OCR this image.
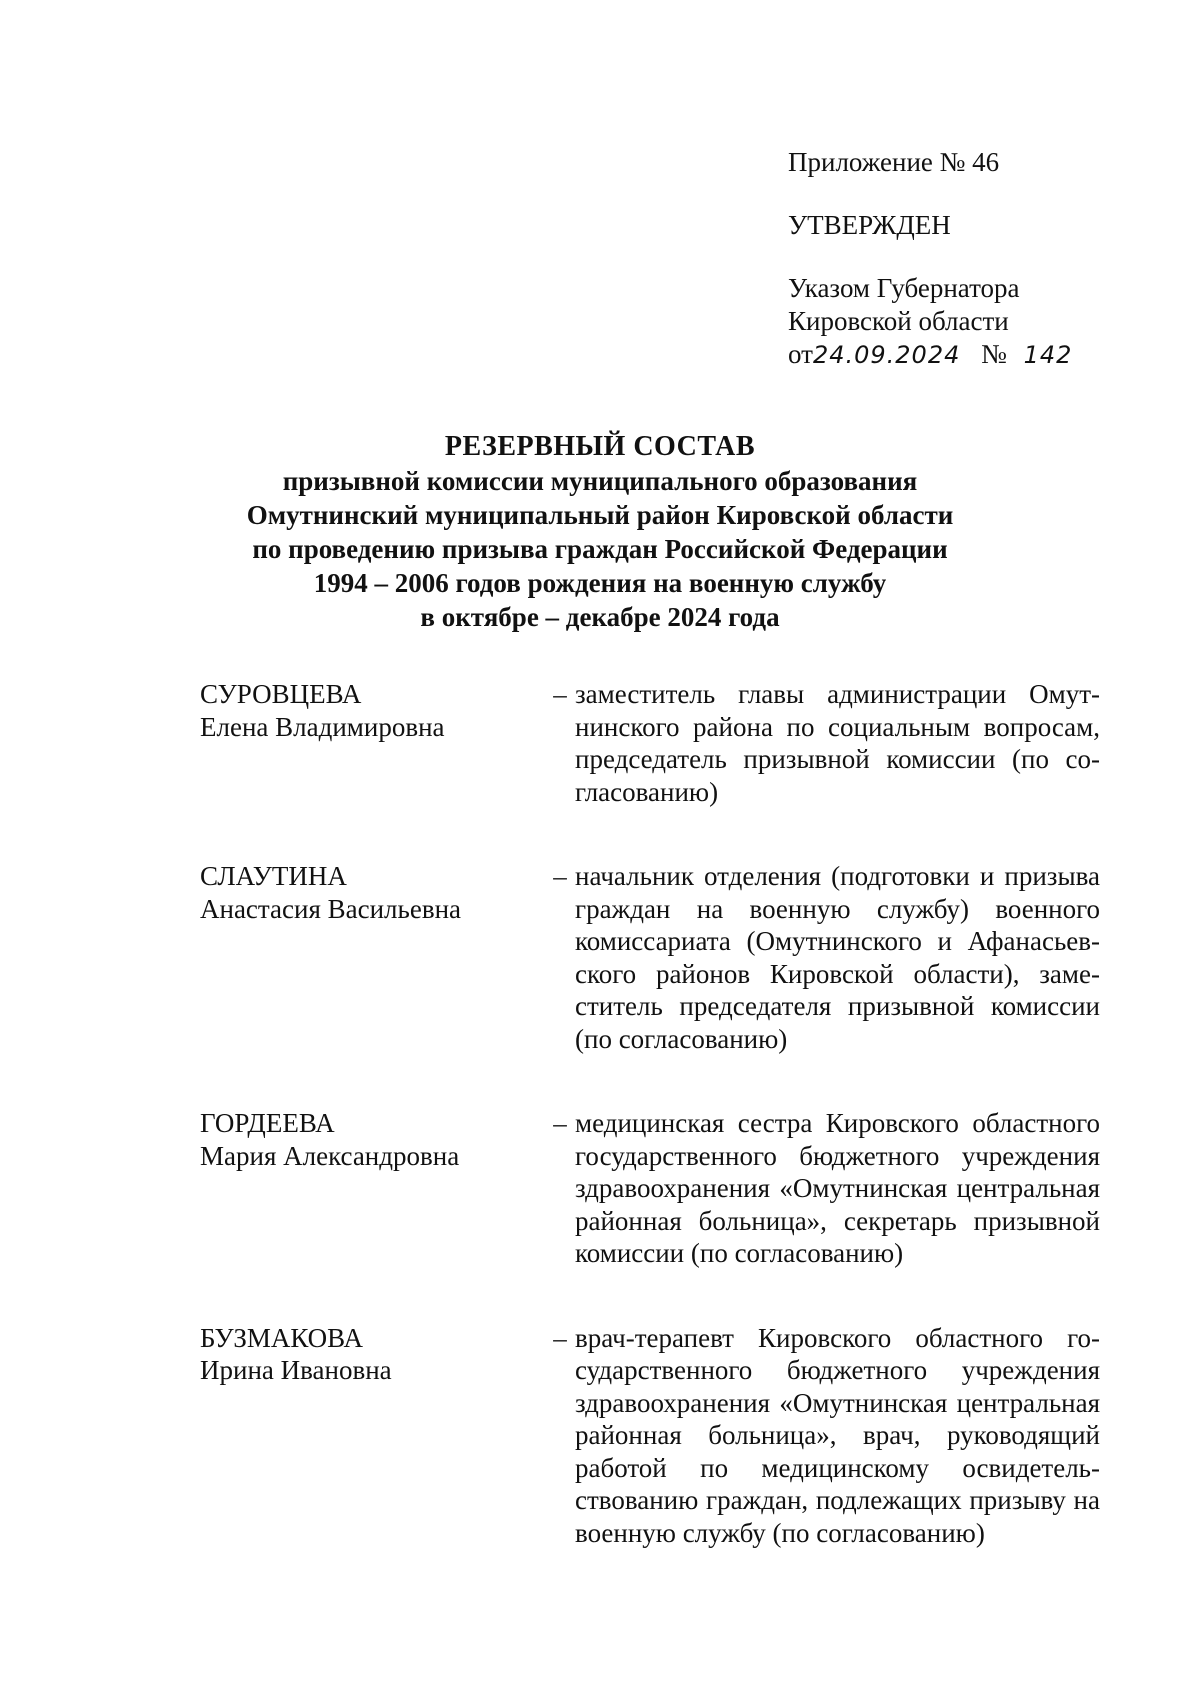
Приложение № 46
УТВЕРЖДЕН
Указом Губернатора
Кировской области
от24.09.2024 № 142
РЕЗЕРВНЫЙ СОСТАВ
призывной комиссии муниципального образования
Омутнинский муниципальный район Кировской области
по проведению призыва граждан Российской Федерации
1994 – 2006 годов рождения на военную службу
в октябре – декабре 2024 года
СУРОВЦЕВА
Елена Владимировна
– заместитель главы администрации Омутнинского района по социальным вопросам, председатель призывной комиссии (по согласованию)
СЛАУТИНА
Анастасия Васильевна
– начальник отделения (подготовки и призыва граждан на военную службу) военного комиссариата (Омутнинского и Афанасьевского районов Кировской области), заместитель председателя призывной комиссии (по согласованию)
ГОРДЕЕВА
Мария Александровна
– медицинская сестра Кировского областного государственного бюджетного учреждения здравоохранения «Омутнинская центральная районная больница», секретарь призывной комиссии (по согласованию)
БУЗМАКОВА
Ирина Ивановна
– врач-терапевт Кировского областного государственного бюджетного учреждения здравоохранения «Омутнинская центральная районная больница», врач, руководящий работой по медицинскому освидетельствованию граждан, подлежащих призыву на военную службу (по согласованию)
